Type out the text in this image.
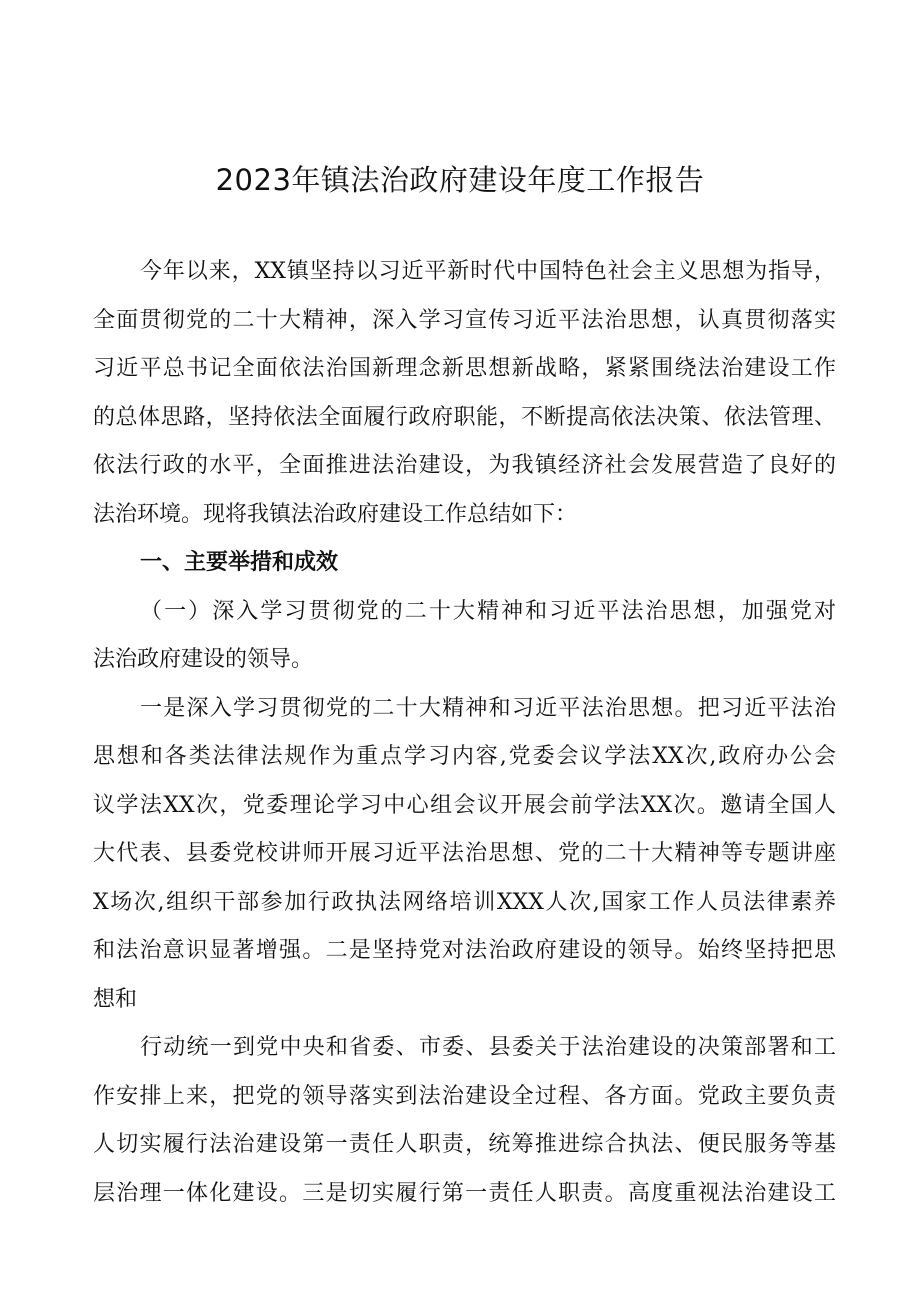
2023年镇法治政府建设年度工作报告
今年以来，XX镇坚持以习近平新时代中国特色社会主义思想为指导，
全面贯彻党的二十大精神，深入学习宣传习近平法治思想，认真贯彻落实
习近平总书记全面依法治国新理念新思想新战略，紧紧围绕法治建设工作
的总体思路，坚持依法全面履行政府职能，不断提高依法决策、依法管理、
依法行政的水平，全面推进法治建设，为我镇经济社会发展营造了良好的
法治环境。现将我镇法治政府建设工作总结如下：
一、主要举措和成效
（一）深入学习贯彻党的二十大精神和习近平法治思想，加强党对
法治政府建设的领导。
一是深入学习贯彻党的二十大精神和习近平法治思想。把习近平法治
思想和各类法律法规作为重点学习内容,党委会议学法XX次,政府办公会
议学法XX次，党委理论学习中心组会议开展会前学法XX次。邀请全国人
大代表、县委党校讲师开展习近平法治思想、党的二十大精神等专题讲座
X场次,组织干部参加行政执法网络培训XXX人次,国家工作人员法律素养
和法治意识显著增强。二是坚持党对法治政府建设的领导。始终坚持把思
想和
行动统一到党中央和省委、市委、县委关于法治建设的决策部署和工
作安排上来，把党的领导落实到法治建设全过程、各方面。党政主要负责
人切实履行法治建设第一责任人职责，统筹推进综合执法、便民服务等基
层治理一体化建设。三是切实履行第一责任人职责。高度重视法治建设工
